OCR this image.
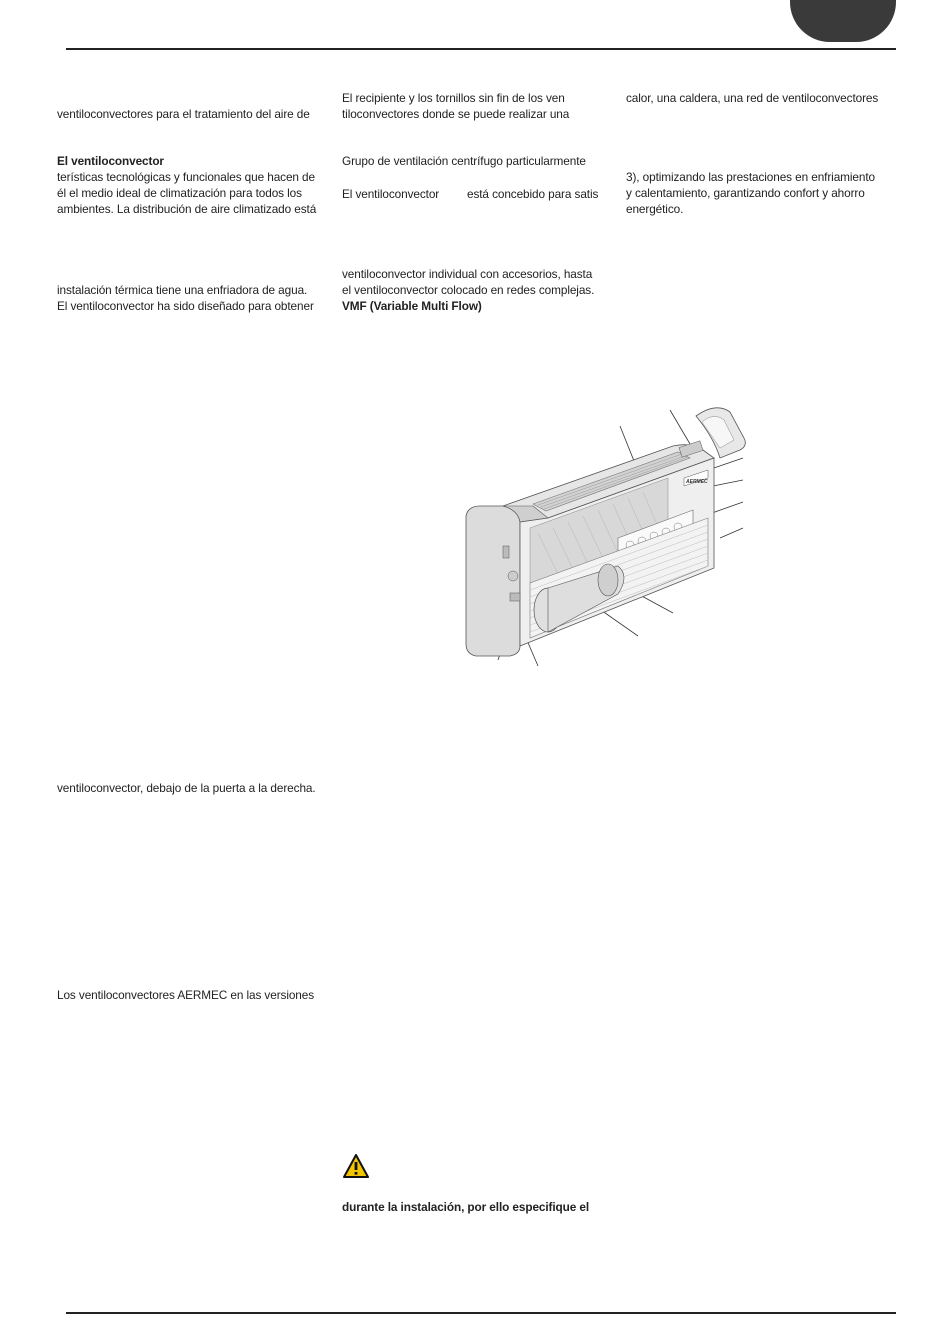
ventiloconvectores para el tratamiento del aire de
El ventiloconvector
terísticas tecnológicas y funcionales que hacen de
él el medio ideal de climatización para todos los
ambientes. La distribución de aire climatizado está
instalación térmica tiene una enfriadora de agua.
El ventiloconvector ha sido diseñado para obtener
ventiloconvector, debajo de la puerta a la derecha.
Los ventiloconvectores AERMEC en las versiones
El recipiente y los tornillos sin fin de los ven
tiloconvectores donde se puede realizar una
Grupo de ventilación centrífugo particularmente
El ventiloconvector está concebido para satis
ventiloconvector individual con accesorios, hasta
el ventiloconvector colocado en redes complejas.
VMF (Variable Multi Flow)
durante la instalación, por ello especifique el
calor, una caldera, una red de ventiloconvectores
3), optimizando las prestaciones en enfriamiento
y calentamiento, garantizando confort y ahorro
energético.
AERMEC
